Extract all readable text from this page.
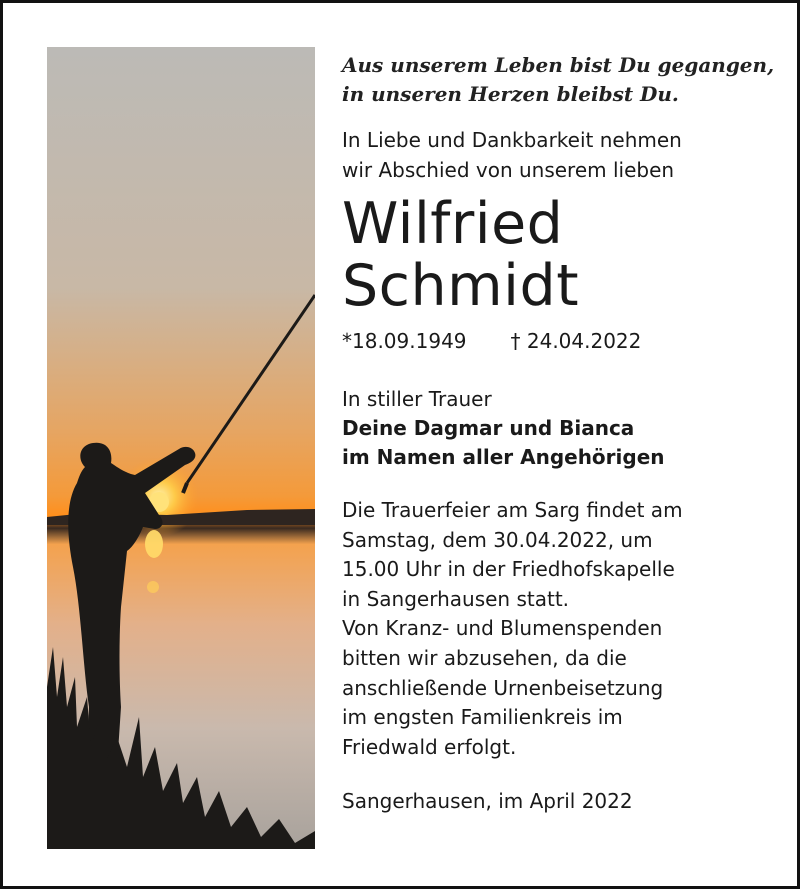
Aus unserem Leben bist Du gegangen,
in unseren Herzen bleibst Du.
In Liebe und Dankbarkeit nehmen
wir Abschied von unserem lieben
Wilfried
Schmidt
*18.09.1949 † 24.04.2022
In stiller Trauer
Deine Dagmar und Bianca
im Namen aller Angehörigen
Die Trauerfeier am Sarg findet am
Samstag, dem 30.04.2022, um
15.00 Uhr in der Friedhofskapelle
in Sangerhausen statt.
Von Kranz- und Blumenspenden
bitten wir abzusehen, da die
anschließende Urnenbeisetzung
im engsten Familienkreis im
Friedwald erfolgt.
Sangerhausen, im April 2022
